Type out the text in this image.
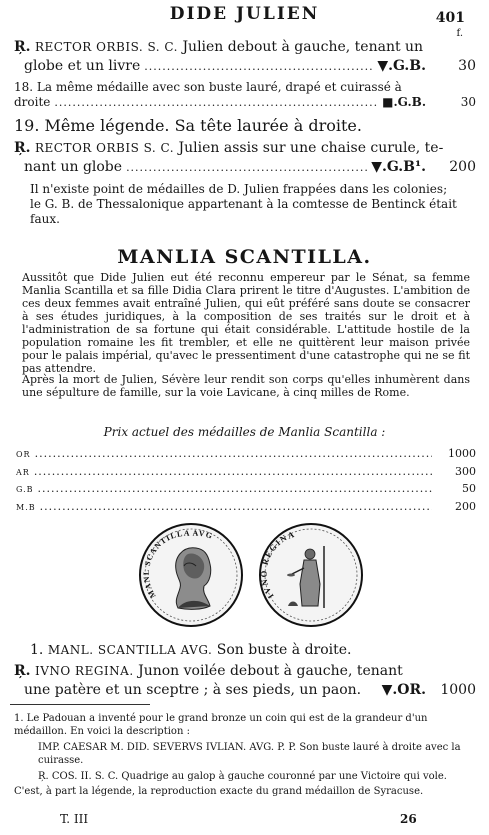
DIDE JULIEN	401
f.
Ŗ. RECTOR ORBIS. S. C. Julien debout à gauche, tenant un
globe et un livre .....	▼.G.B.	30
18. La même médaille avec son buste lauré, drapé et cuirassé à
droite .....	■.G.B.	30
19. Même légende. Sa tête laurée à droite.
Ŗ. RECTOR ORBIS S. C. Julien assis sur une chaise curule, te-
nant un globe .....	▼.G.B¹.	200
Il n'existe point de médailles de D. Julien frappées dans les colonies; le G. B. de Thessalonique appartenant à la comtesse de Bentinck était faux.
MANLIA SCANTILLA.
Aussitôt que Dide Julien eut été reconnu empereur par le Sénat, sa femme Manlia Scantilla et sa fille Didia Clara prirent le titre d'Augustes. L'ambition de ces deux femmes avait entraîné Julien, qui eût préféré sans doute se consacrer à ses études juridiques, à la composition de ses traités sur le droit et à l'administration de sa fortune qui était considérable. L'attitude hostile de la population romaine les fit trembler, et elle ne quittèrent leur maison privée pour le palais impérial, qu'avec le pressentiment d'une catastrophe qui ne se fit pas attendre.
Après la mort de Julien, Sévère leur rendit son corps qu'elles inhumèrent dans une sépulture de famille, sur la voie Lavicane, à cinq milles de Rome.
Prix actuel des médailles de Manlia Scantilla :
OR .....	1000
AR .....	300
G.B .....	50
M.B .....	200
MANL SCANTILLA AVG
IVNO REGINA
1. MANL. SCANTILLA AVG. Son buste à droite.
Ŗ. IVNO REGINA. Junon voilée debout à gauche, tenant
une patère et un sceptre ; à ses pieds, un paon. ▼.OR.	1000
1. Le Padouan a inventé pour le grand bronze un coin qui est de la grandeur d'un médaillon. En voici la description :
IMP. CAESAR M. DID. SEVERVS IVLIAN. AVG. P. P. Son buste lauré à droite avec la cuirasse.
Ŗ. COS. II. S. C. Quadrige au galop à gauche couronné par une Victoire qui vole.
C'est, à part la légende, la reproduction exacte du grand médaillon de Syracuse.
T. III	26
